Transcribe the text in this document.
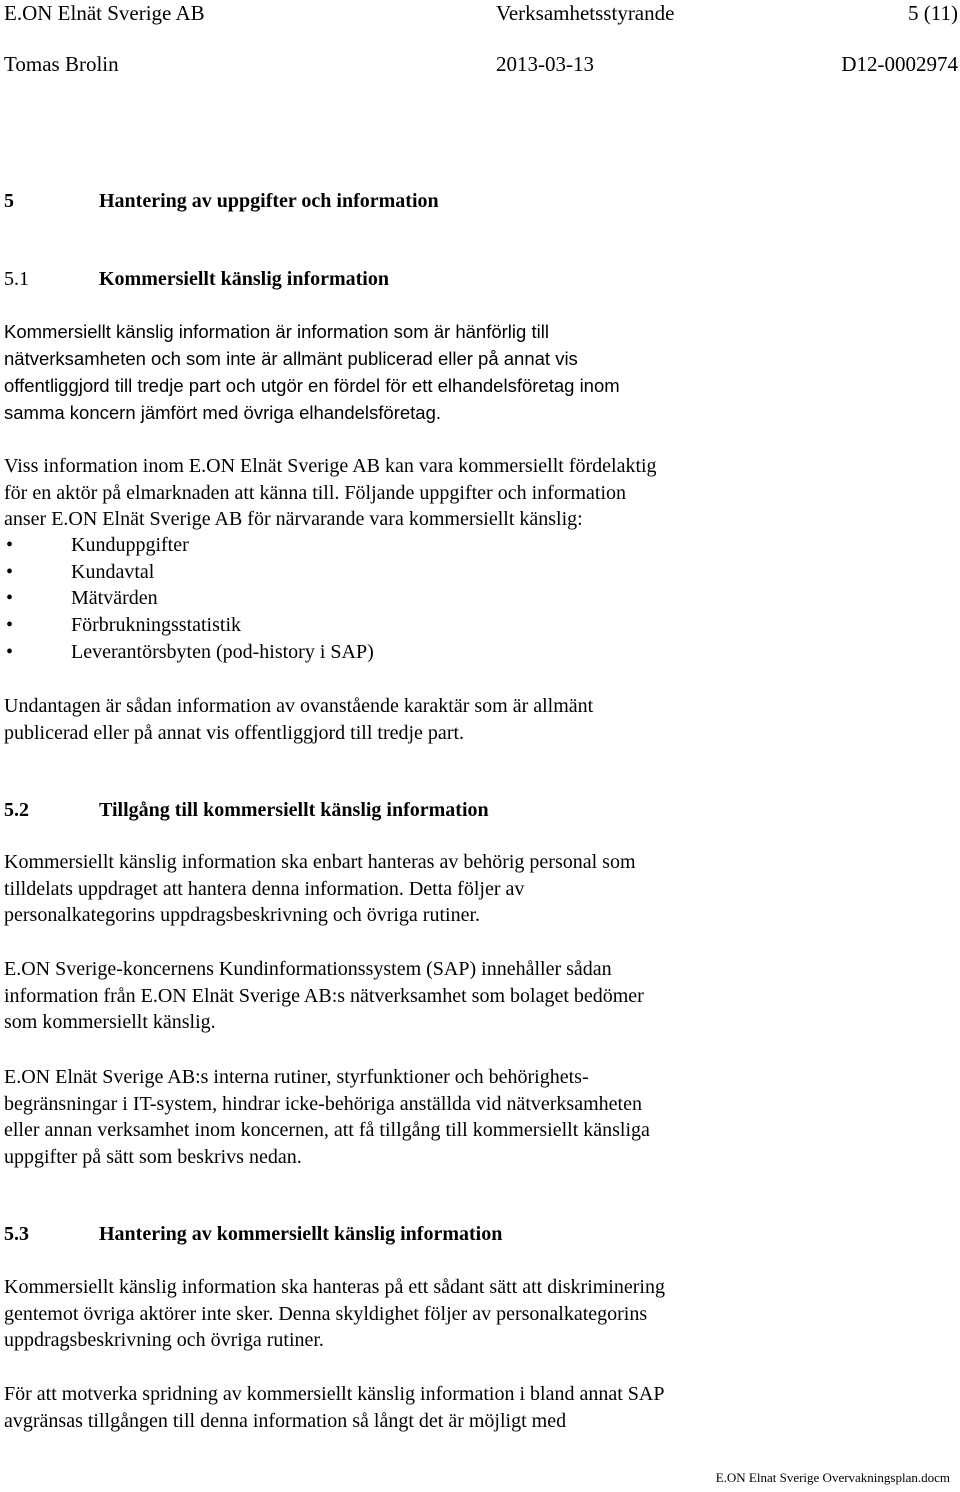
E.ON Elnät Sverige AB	Verksamhetsstyrande	5 (11)
Tomas Brolin	2013-03-13	D12-0002974
5	Hantering av uppgifter och information
5.1	Kommersiellt känslig information

Kommersiellt känslig information är information som är hänförlig till
nätverksamheten och som inte är allmänt publicerad eller på annat vis
offentliggjord till tredje part och utgör en fördel för ett elhandelsföretag inom
samma koncern jämfört med övriga elhandelsföretag.

Viss information inom E.ON Elnät Sverige AB kan vara kommersiellt fördelaktig
för en aktör på elmarknaden att känna till. Följande uppgifter och information
anser E.ON Elnät Sverige AB för närvarande vara kommersiellt känslig:

•	Kunduppgifter
•	Kundavtal
•	Mätvärden
•	Förbrukningsstatistik
•	Leverantörsbyten (pod-history i SAP)

Undantagen är sådan information av ovanstående karaktär som är allmänt
publicerad eller på annat vis offentliggjord till tredje part.

5.2	Tillgång till kommersiellt känslig information

Kommersiellt känslig information ska enbart hanteras av behörig personal som
tilldelats uppdraget att hantera denna information. Detta följer av
personalkategorins uppdragsbeskrivning och övriga rutiner.

E.ON Sverige-koncernens Kundinformationssystem (SAP) innehåller sådan
information från E.ON Elnät Sverige AB:s nätverksamhet som bolaget bedömer
som kommersiellt känslig.

E.ON Elnät Sverige AB:s interna rutiner, styrfunktioner och behörighets-
begränsningar i IT-system, hindrar icke-behöriga anställda vid nätverksamheten
eller annan verksamhet inom koncernen, att få tillgång till kommersiellt känsliga
uppgifter på sätt som beskrivs nedan.

5.3	Hantering av kommersiellt känslig information

Kommersiellt känslig information ska hanteras på ett sådant sätt att diskriminering
gentemot övriga aktörer inte sker. Denna skyldighet följer av personalkategorins
uppdragsbeskrivning och övriga rutiner.

För att motverka spridning av kommersiellt känslig information i bland annat SAP
avgränsas tillgången till denna information så långt det är möjligt med

E.ON Elnat Sverige Overvakningsplan.docm
